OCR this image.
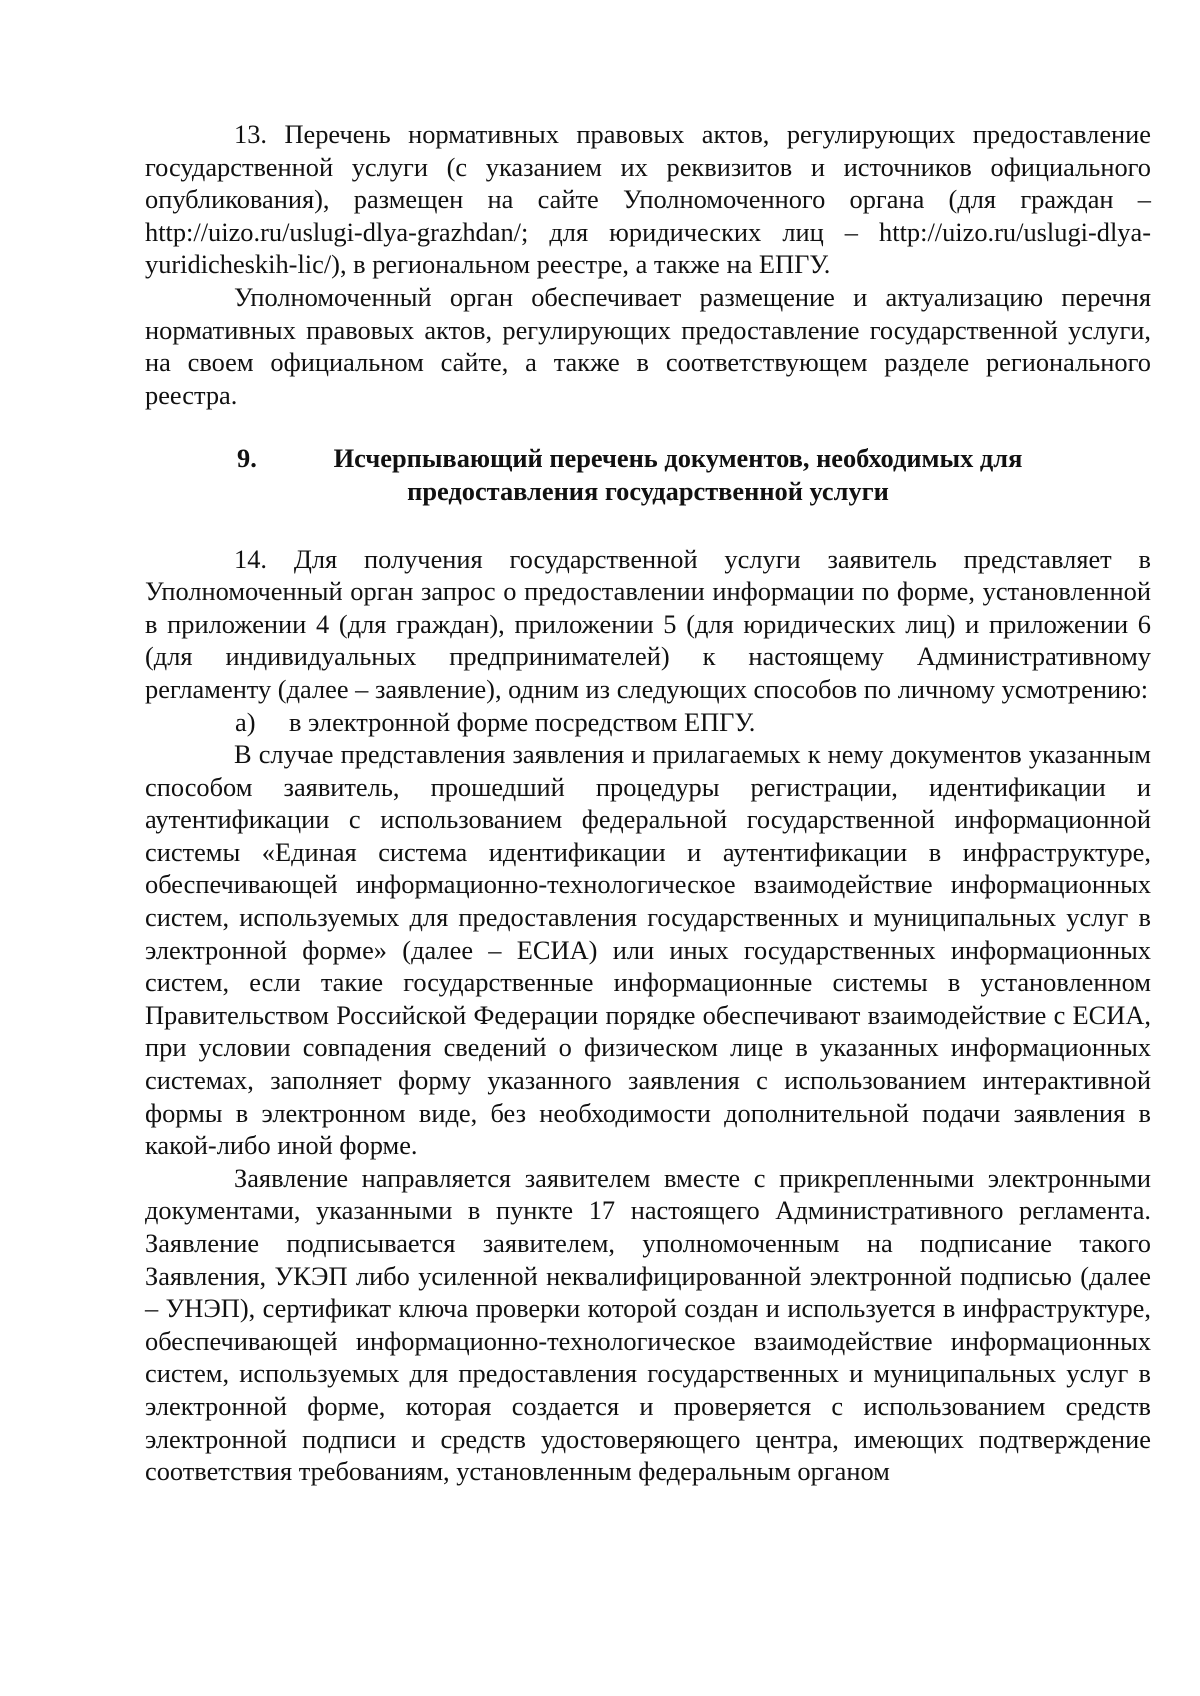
13. Перечень нормативных правовых актов, регулирующих предоставление государственной услуги (с указанием их реквизитов и источников официального опубликования), размещен на сайте Уполномоченного органа (для граждан – http://uizo.ru/uslugi-dlya-grazhdan/; для юридических лиц – http://uizo.ru/uslugi-dlya-yuridicheskih-lic/), в региональном реестре, а также на ЕПГУ.

Уполномоченный орган обеспечивает размещение и актуализацию перечня нормативных правовых актов, регулирующих предоставление государственной услуги, на своем официальном сайте, а также в соответствующем разделе регионального реестра.

9.	Исчерпывающий перечень документов, необходимых для
предоставления государственной услуги

14. Для получения государственной услуги заявитель представляет в Уполномоченный орган запрос о предоставлении информации по форме, установленной в приложении 4 (для граждан), приложении 5 (для юридических лиц) и приложении 6 (для индивидуальных предпринимателей) к настоящему Административному регламенту (далее – заявление), одним из следующих способов по личному усмотрению:

а) в электронной форме посредством ЕПГУ.

В случае представления заявления и прилагаемых к нему документов указанным способом заявитель, прошедший процедуры регистрации, идентификации и аутентификации с использованием федеральной государственной информационной системы «Единая система идентификации и аутентификации в инфраструктуре, обеспечивающей информационно-технологическое взаимодействие информационных систем, используемых для предоставления государственных и муниципальных услуг в электронной форме» (далее – ЕСИА) или иных государственных информационных систем, если такие государственные информационные системы в установленном Правительством Российской Федерации порядке обеспечивают взаимодействие с ЕСИА, при условии совпадения сведений о физическом лице в указанных информационных системах, заполняет форму указанного заявления с использованием интерактивной формы в электронном виде, без необходимости дополнительной подачи заявления в какой-либо иной форме.

Заявление направляется заявителем вместе с прикрепленными электронными документами, указанными в пункте 17 настоящего Административного регламента. Заявление подписывается заявителем, уполномоченным на подписание такого Заявления, УКЭП либо усиленной неквалифицированной электронной подписью (далее – УНЭП), сертификат ключа проверки которой создан и используется в инфраструктуре, обеспечивающей информационно-технологическое взаимодействие информационных систем, используемых для предоставления государственных и муниципальных услуг в электронной форме, которая создается и проверяется с использованием средств электронной подписи и средств удостоверяющего центра, имеющих подтверждение соответствия требованиям, установленным федеральным органом
